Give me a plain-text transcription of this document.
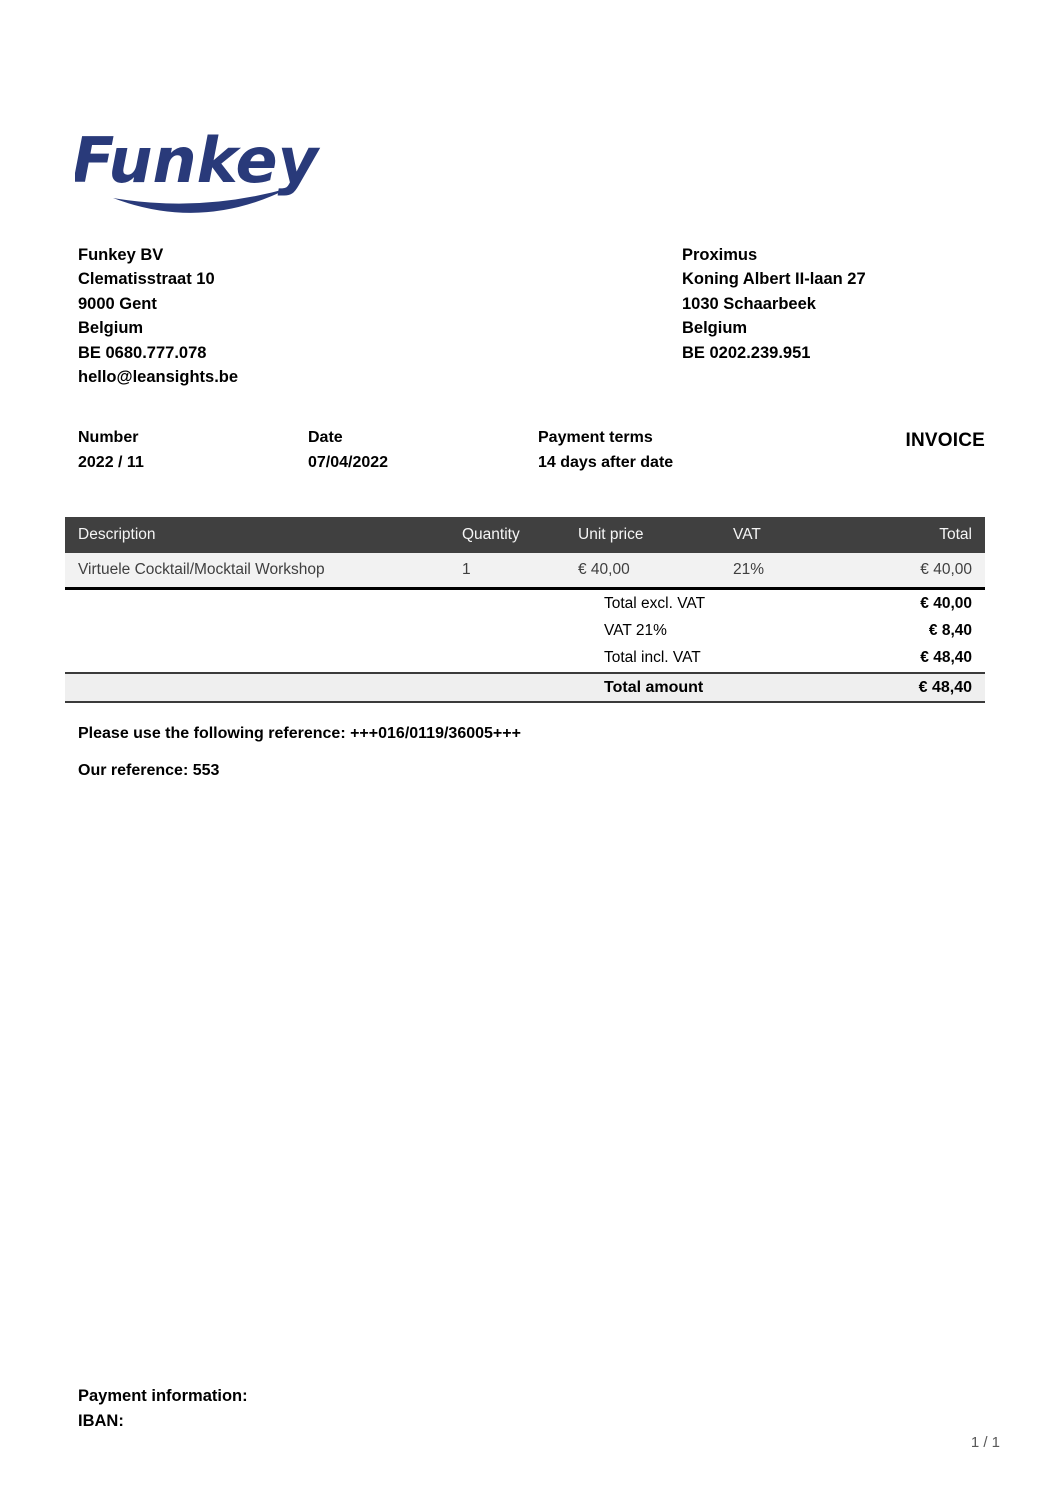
Funkey
Funkey BV
Clematisstraat 10
9000 Gent
Belgium
BE 0680.777.078
hello@leansights.be
Proximus
Koning Albert II-laan 27
1030 Schaarbeek
Belgium
BE 0202.239.951
Number
2022 / 11
Date
07/04/2022
Payment terms
14 days after date
INVOICE
Description	Quantity	Unit price	VAT	Total
Virtuele Cocktail/Mocktail Workshop	1	€ 40,00	21%	€ 40,00
Total excl. VAT	€ 40,00
VAT 21%	€ 8,40
Total incl. VAT	€ 48,40
Total amount	€ 48,40
Please use the following reference: +++016/0119/36005+++
Our reference: 553
Payment information:
IBAN:
1 / 1
